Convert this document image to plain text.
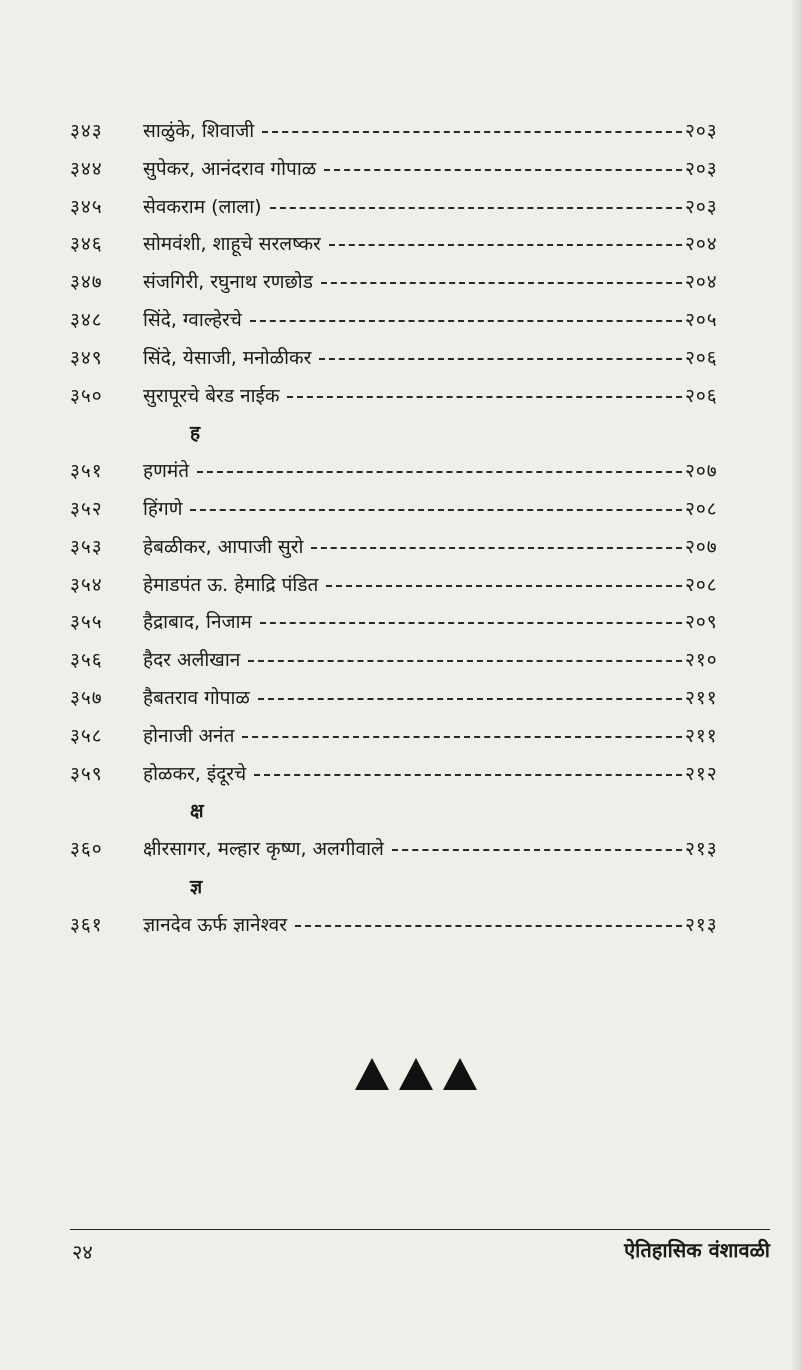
३४३	साळुंके, शिवाजी	२०३
३४४	सुपेकर, आनंदराव गोपाळ	२०३
३४५	सेवकराम (लाला)	२०३
३४६	सोमवंशी, शाहूचे सरलष्कर	२०४
३४७	संजगिरी, रघुनाथ रणछोड	२०४
३४८	सिंदे, ग्वाल्हेरचे	२०५
३४९	सिंदे, येसाजी, मनोळीकर	२०६
३५०	सुरापूरचे बेरड नाईक	२०६
ह
३५१	हणमंते	२०७
३५२	हिंगणे	२०८
३५३	हेबळीकर, आपाजी सुरो	२०७
३५४	हेमाडपंत ऊ. हेमाद्रि पंडित	२०८
३५५	हैद्राबाद, निजाम	२०९
३५६	हैदर अलीखान	२१०
३५७	हैबतराव गोपाळ	२११
३५८	होनाजी अनंत	२११
३५९	होळकर, इंदूरचे	२१२
क्ष
३६०	क्षीरसागर, मल्हार कृष्ण, अलगीवाले	२१३
ज्ञ
३६१	ज्ञानदेव ऊर्फ ज्ञानेश्वर	२१३
२४	ऐतिहासिक वंशावळी
